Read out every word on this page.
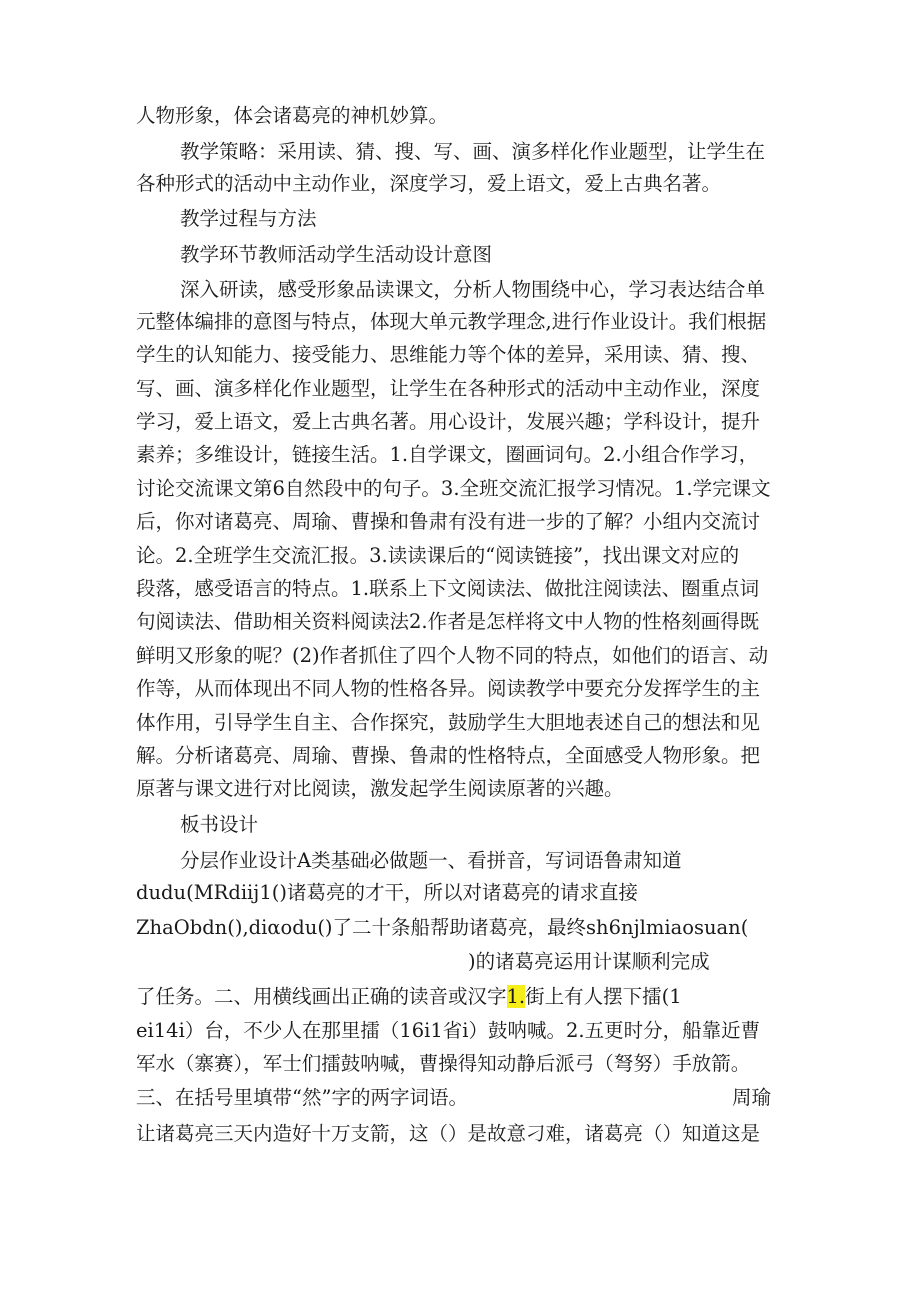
人物形象，体会诸葛亮的神机妙算。
教学策略：采用读、猜、搜、写、画、演多样化作业题型，让学生在
各种形式的活动中主动作业，深度学习，爱上语文，爱上古典名著。
教学过程与方法
教学环节教师活动学生活动设计意图
深入研读，感受形象品读课文，分析人物围绕中心，学习表达结合单
元整体编排的意图与特点，体现大单元教学理念,进行作业设计。我们根据
学生的认知能力、接受能力、思维能力等个体的差异，采用读、猜、搜、
写、画、演多样化作业题型，让学生在各种形式的活动中主动作业，深度
学习，爱上语文，爱上古典名著。用心设计，发展兴趣；学科设计，提升
素养；多维设计，链接生活。1.自学课文，圈画词句。2.小组合作学习，
讨论交流课文第6自然段中的句子。3.全班交流汇报学习情况。1.学完课文
后，你对诸葛亮、周瑜、曹操和鲁肃有没有进一步的了解？小组内交流讨
论。2.全班学生交流汇报。3.读读课后的“阅读链接”，找出课文对应的
段落，感受语言的特点。1.联系上下文阅读法、做批注阅读法、圈重点词
句阅读法、借助相关资料阅读法2.作者是怎样将文中人物的性格刻画得既
鲜明又形象的呢？(2)作者抓住了四个人物不同的特点，如他们的语言、动
作等，从而体现出不同人物的性格各异。阅读教学中要充分发挥学生的主
体作用，引导学生自主、合作探究，鼓励学生大胆地表述自己的想法和见
解。分析诸葛亮、周瑜、曹操、鲁肃的性格特点，全面感受人物形象。把
原著与课文进行对比阅读，激发起学生阅读原著的兴趣。
板书设计
分层作业设计A类基础必做题一、看拼音，写词语鲁肃知道
dudu(MRdiij1()诸葛亮的才干，所以对诸葛亮的请求直接
ZhaObdn(),diαodu()了二十条船帮助诸葛亮，最终sh6njlmiaosuan(
)的诸葛亮运用计谋顺利完成
了任务。二、用横线画出正确的读音或汉字1.街上有人摆下擂(1
ei14i）台，不少人在那里擂（16i1省i）鼓呐喊。2.五更时分，船靠近曹
军水（寨赛），军士们擂鼓呐喊，曹操得知动静后派弓（弩努）手放箭。
三、在括号里填带“然”字的两字词语。	周瑜
让诸葛亮三天内造好十万支箭，这（）是故意刁难，诸葛亮（）知道这是
